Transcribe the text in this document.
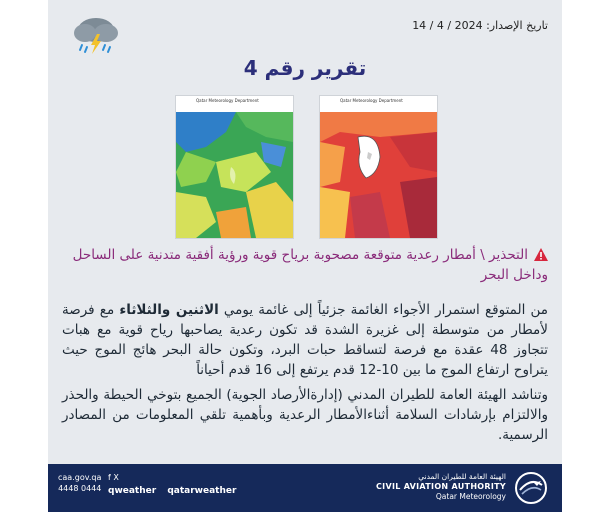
تاريخ الإصدار: 2024 / 4 / 14
تقرير رقم 4
Qatar Meteorology Department	Qatar Meteorology Department
التحذير \ أمطار رعدية متوقعة مصحوبة برياح قوية ورؤية أفقية متدنية على الساحل وداخل البحر
من المتوقع استمرار الأجواء الغائمة جزئياً إلى غائمة يومي الاثنين والثلاثاء مع فرصة لأمطار من متوسطة إلى غزيرة الشدة قد تكون رعدية يصاحبها رياح قوية مع هبات تتجاوز 48 عقدة مع فرصة لتساقط حبات البرد، وتكون حالة البحر هائج الموج حيث يتراوح ارتفاع الموج ما بين 10-12 قدم يرتفع إلى 16 قدم أحياناً
وتناشد الهيئة العامة للطيران المدني (إدارةالأرصاد الجوية) الجميع بتوخي الحيطة والحذر والالتزام بإرشادات السلامة أثناءالأمطار الرعدية وبأهمية تلقي المعلومات من المصادر الرسمية.
caa.gov.qa
4448 0444
f X
qweather qatarweather
الهيئة العامة للطيران المدني
CIVIL AVIATION AUTHORITY
Qatar Meteorology
